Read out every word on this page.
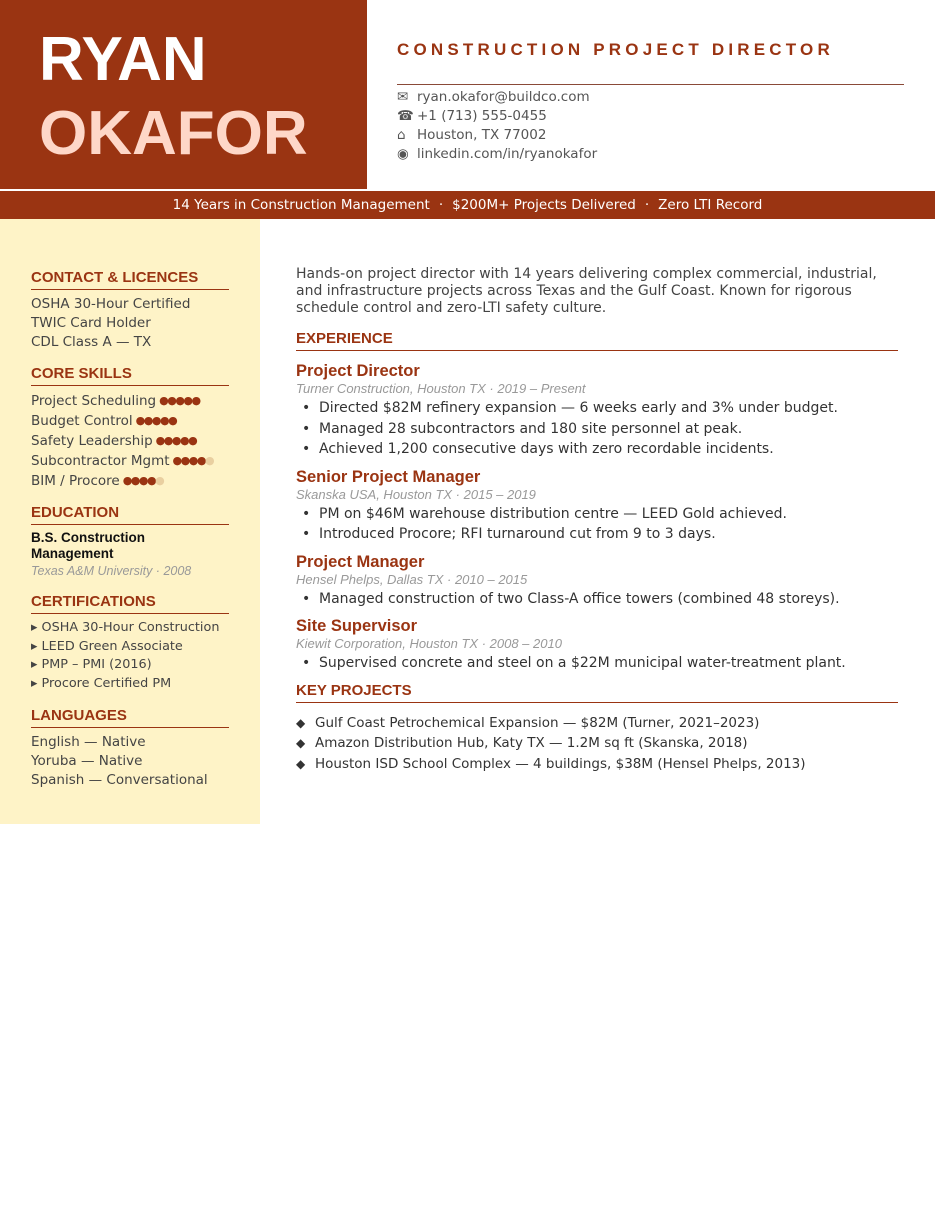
RYAN
OKAFOR
CONSTRUCTION PROJECT DIRECTOR
✉ ryan.okafor@buildco.com
☎ +1 (713) 555-0455
⌂ Houston, TX 77002
◉ linkedin.com/in/ryanokafor
14 Years in Construction Management · $200M+ Projects Delivered · Zero LTI Record
CONTACT & LICENCES
OSHA 30-Hour Certified
TWIC Card Holder
CDL Class A — TX
CORE SKILLS
Project Scheduling ●●●●●
Budget Control ●●●●●
Safety Leadership ●●●●●
Subcontractor Mgmt ●●●●●
BIM / Procore ●●●●●
EDUCATION
B.S. Construction Management
Texas A&M University · 2008
CERTIFICATIONS
▸ OSHA 30-Hour Construction
▸ LEED Green Associate
▸ PMP – PMI (2016)
▸ Procore Certified PM
LANGUAGES
English — Native
Yoruba — Native
Spanish — Conversational
Hands-on project director with 14 years delivering complex commercial, industrial, and infrastructure projects across Texas and the Gulf Coast. Known for rigorous schedule control and zero-LTI safety culture.
EXPERIENCE
Project Director
Turner Construction, Houston TX · 2019 – Present
• Directed $82M refinery expansion — 6 weeks early and 3% under budget.
• Managed 28 subcontractors and 180 site personnel at peak.
• Achieved 1,200 consecutive days with zero recordable incidents.
Senior Project Manager
Skanska USA, Houston TX · 2015 – 2019
• PM on $46M warehouse distribution centre — LEED Gold achieved.
• Introduced Procore; RFI turnaround cut from 9 to 3 days.
Project Manager
Hensel Phelps, Dallas TX · 2010 – 2015
• Managed construction of two Class-A office towers (combined 48 storeys).
Site Supervisor
Kiewit Corporation, Houston TX · 2008 – 2010
• Supervised concrete and steel on a $22M municipal water-treatment plant.
KEY PROJECTS
◆ Gulf Coast Petrochemical Expansion — $82M (Turner, 2021–2023)
◆ Amazon Distribution Hub, Katy TX — 1.2M sq ft (Skanska, 2018)
◆ Houston ISD School Complex — 4 buildings, $38M (Hensel Phelps, 2013)
